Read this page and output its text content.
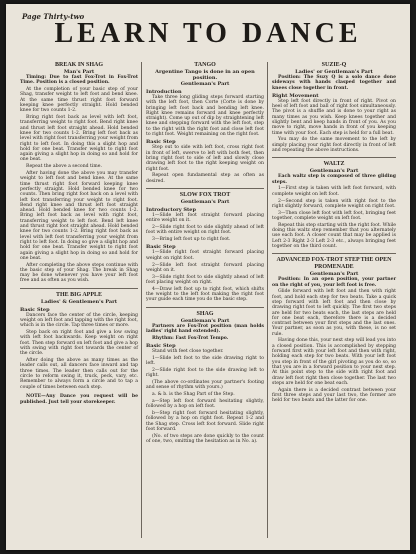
Page Thirty-two
LEARN TO DANCE
BREAK IN SHAG
Man's Part

Timing: Due to fast Fox-Trot in Fox-Trot Time. Position is a closed position.

At the completion of your basic step of your Shag, transfer weight to left foot and bend knee. At the same time thrust right foot forward keeping knee perfectly straight. Hold bended knee for two counts 1-2.

Bring right foot back as level with left foot, transferring weight to right foot. Bend right knee and thrust left foot straight ahead. Hold bended knee for two counts 1-2. Bring left foot back as level with right foot transferring your weight from right to left foot. In doing this a slight hop and hold for one beat. Transfer weight to right foot again giving a slight hop in doing so and hold for one beat.

Repeat the above a second time.

After having done the above you may transfer weight to left foot and bend knee. At the same time thrust right foot forward keeping knee perfectly straight. Hold bended knee for two counts. Then bring right foot back on a level with left foot transferring your weight to right foot. Bend right knee and thrust left foot straight ahead. Hold bended knee for two counts 1-2. Bring left foot back as level with right foot, transferring weight to left foot. Bend left knee and thrust right foot straight ahead. Hold bended knee for two counts 1-2. Bring right foot back as level with left foot transferring your weight from right to left foot. In doing so give a slight hop and hold for one beat. Transfer weight to right foot again giving a slight hop in doing so and hold for one beat.

After completing the above steps continue with the basic step of your Shag. The break in Shag may be done whenever you have your left foot free and as often as you wish.

THE BIG APPLE
Ladies' & Gentlemen's Part
Basic Step

Dancers face the center of the circle, keeping weight on left foot and tapping with the right foot, which is in the circle. Tap three times or more.

Step back on right foot and give a low swing with left foot backwards. Keep weight on right foot. Then step forward on left foot and give a hop with swing with right foot towards the center of the circle.

After doing the above as many times as the leader calls out, all dancers face inward and tap three times. The leader then calls out for the circle to reform swing it, truck, peck, vary, etc. Remember to always form a circle and to tap a couple of times between each step.

NOTE—Any Dance you request will be published. Just tell your storekeeper.

TANGO
Argentine Tango is done in an open position.
Gentleman's Part
Introduction

Take three long gliding steps forward starting with the left foot, then Corte (Corte is done by bringing left foot back and bending left knee. Right knee remains forward and knee perfectly straight). Come up out of dip by straightening left knee and stepping forward with the left foot, step to the right with the right foot and close left foot to right foot. Weight remaining on the right foot.

Basic Step

Step out to side with left foot, cross right foot in front of left, swerve to left with both feet, then bring right foot to side of left and slowly close drawing left foot to the right keeping weight on right foot.

Repeat open fundamental step as often as desired.

SLOW FOX TROT
Gentleman's Part
Introductory Step

1—Slide left foot straight forward placing entire weight on it.

2—Slide right foot to side slightly ahead of left foot with entire weight on right foot.

3—Bring left foot up to right foot.

Basic Step

1—Slide right foot straight forward placing weight on right foot.

2—Slide left foot straight forward placing weight on it.

3—Slide right foot to side slightly ahead of left foot placing weight on right.

4—Draw left foot up to right foot, which shifts the weight to the left foot making the right foot your guide each time you do the basic step.

SHAG
Gentleman's Part

Partners are Fox-Trot position (man holds ladies' right hand extended).

Rhythm: Fast Fox-Trot Tempo.

Basic Step

Stand with feet close together.

1—Slide left foot to the side drawing right to left.

2—Slide right foot to the side drawing left to right.

(The above co-ordinates your partner's footing and sense of rhythm with yours.)

a. & b. is the Shag Part of the Step.

a—Step left foot forward hesitating slightly, followed by a hop on left foot.

b—Step right foot forward hesitating slightly, followed by a hop on right foot. Repeat 1-2 and the Shag step. Cross left foot forward. Slide right foot forward.

(No. of two steps are done quickly to the count of one, two, omitting the hesitation as in No. a).

SUZIE-Q
Ladies' or Gentleman's Part

Position: The Suzy Q is a solo dance done sideways with hands clasped together and knees close together in front.

Right Movement

Step left foot directly in front of right. Pivot on heel of left foot and ball of right foot simultaneously. The pivot is a shuffle and is done to your right as many times as you wish. Keep knees together and slightly bent and keep hands in front of you. As you move to right, move hands in front of you keeping time with your foot. Each step is held for a full beat.

You may do the same movement to the left by simply placing your right foot directly in front of left and repeating the above instructions.

WALTZ
Gentleman's Part

Each waltz step is composed of three gliding steps.

1—First step is taken with left foot forward, with complete weight on left foot.

2—Second step is taken with right foot to the right slightly forward, complete weight on right foot.

3—Then close left foot with left foot, bringing feet together, complete weight on left foot.

Repeat this step starting with the right foot. While doing this waltz step remember that you alternately use each foot. A closer count that may be applied is Left 2-3 Right 2-3 Left 2-3 etc., always bringing feet together on the third count.

ADVANCED FOX-TROT STEP THE OPEN PROMENADE
Gentleman's Part

Position: In an open position, your partner on the right of you, your left foot is free.

Glide forward with left foot and then with right foot, and hold each step for two beats. Take a quick step forward with left foot and then close by drawing right foot to left quickly. The first two steps are held for two beats each, the last steps are held for one beat each, therefore there is a decided contrast between your first steps and the last ones. Your partner, as soon as you, with these, is no set rule.

Having done this, your next step will lead you into a closed position. This is accomplished by stepping forward first with your left foot and then with right, holding each step for two beats. With your left foot you step in front of the girl pivoting as you do so, so that you are in a forward position to your next step. At this point step to the side with right foot and draw left foot right then close together. The last two steps are held for one beat each.

Again there is a decided contrast between your first three steps and your last two, the former are held for two beats and the latter for one.
